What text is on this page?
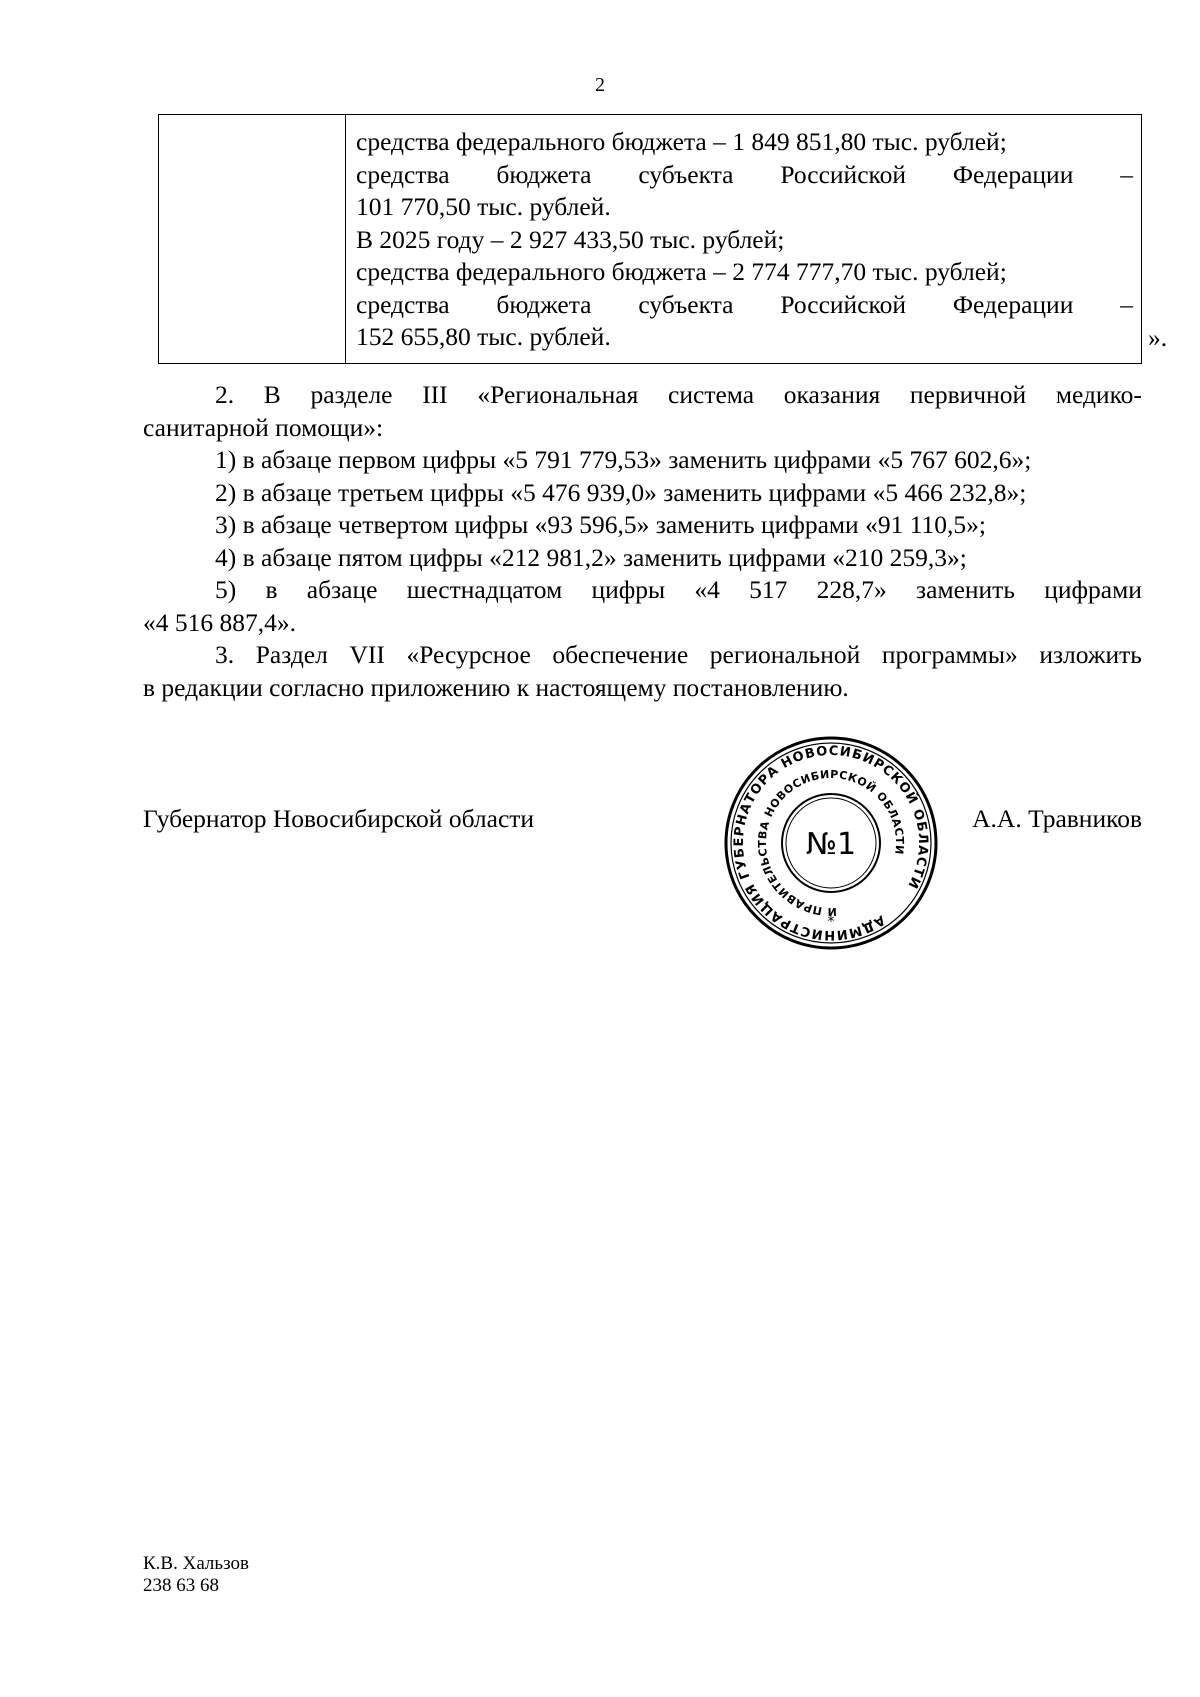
2

средства федерального бюджета – 1 849 851,80 тыс. рублей;
средства бюджета субъекта Российской Федерации –
101 770,50 тыс. рублей.
В 2025 году – 2 927 433,50 тыс. рублей;
средства федерального бюджета – 2 774 777,70 тыс. рублей;
средства бюджета субъекта Российской Федерации –
152 655,80 тыс. рублей.	».

2. В разделе III «Региональная система оказания первичной медико-

санитарной помощи»:

1) в абзаце первом цифры «5 791 779,53» заменить цифрами «5 767 602,6»;

2) в абзаце третьем цифры «5 476 939,0» заменить цифрами «5 466 232,8»;

3) в абзаце четвертом цифры «93 596,5» заменить цифрами «91 110,5»;

4) в абзаце пятом цифры «212 981,2» заменить цифрами «210 259,3»;

5) в абзаце шестнадцатом цифры «4 517 228,7» заменить цифрами

«4 516 887,4».

3. Раздел VII «Ресурсное обеспечение региональной программы» изложить

в редакции согласно приложению к настоящему постановлению.

Губернатор Новосибирской области	А.А. Травников
АДМИНИСТРАЦИЯ ГУБЕРНАТОРА НОВОСИБИРСКОЙ ОБЛАСТИ
И ПРАВИТЕЛЬСТВА НОВОСИБИРСКОЙ ОБЛАСТИ
№1
*
К.В. Хальзов
238 63 68
